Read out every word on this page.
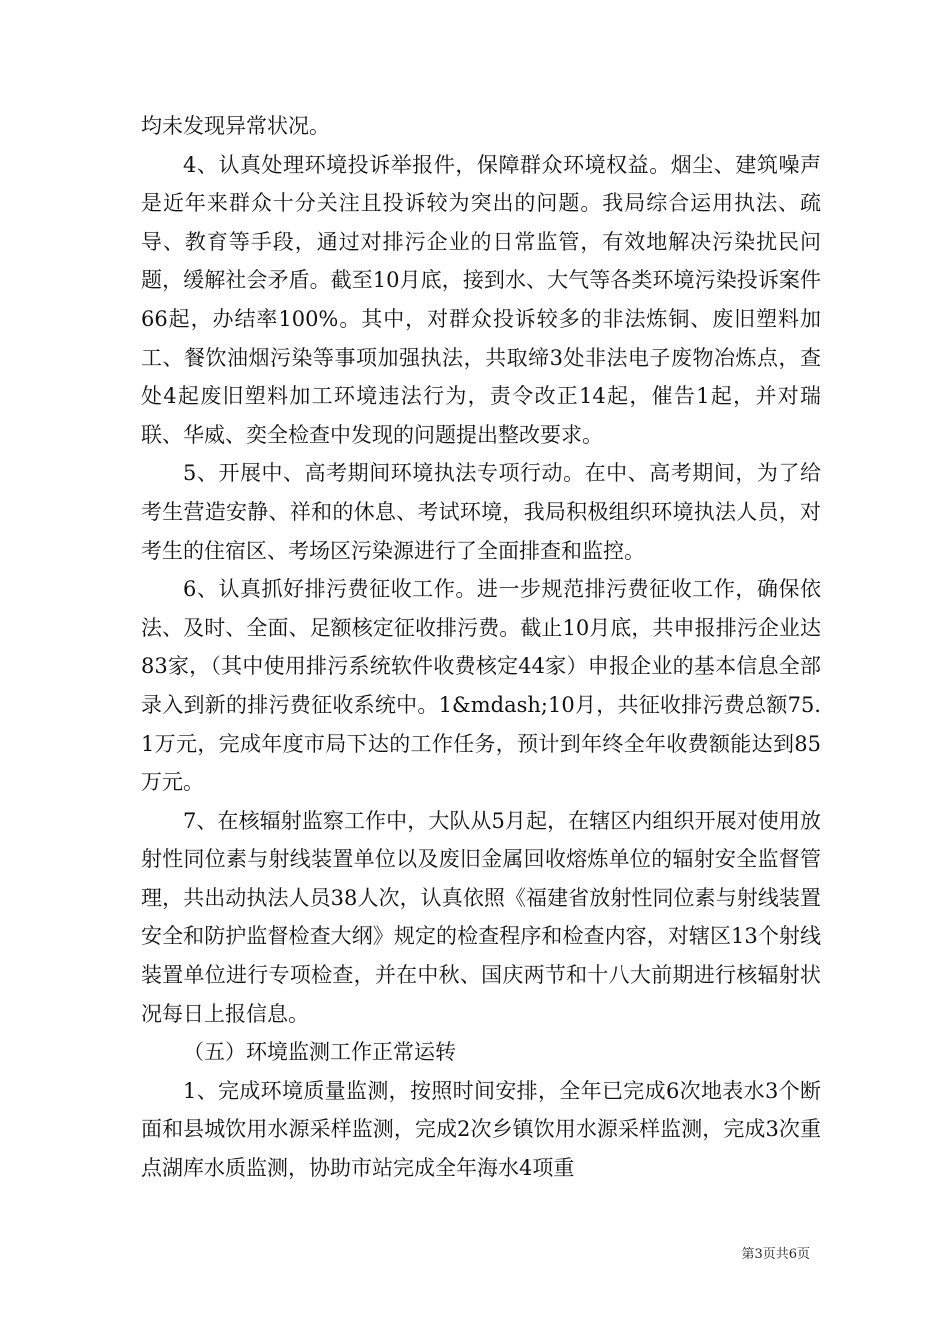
均未发现异常状况。

4、认真处理环境投诉举报件，保障群众环境权益。烟尘、建筑噪声是近年来群众十分关注且投诉较为突出的问题。我局综合运用执法、疏导、教育等手段，通过对排污企业的日常监管，有效地解决污染扰民问题，缓解社会矛盾。截至10月底，接到水、大气等各类环境污染投诉案件66起，办结率100%。其中，对群众投诉较多的非法炼铜、废旧塑料加工、餐饮油烟污染等事项加强执法，共取缔3处非法电子废物冶炼点，查处4起废旧塑料加工环境违法行为，责令改正14起，催告1起，并对瑞联、华威、奕全检查中发现的问题提出整改要求。

5、开展中、高考期间环境执法专项行动。在中、高考期间，为了给考生营造安静、祥和的休息、考试环境，我局积极组织环境执法人员，对考生的住宿区、考场区污染源进行了全面排查和监控。

6、认真抓好排污费征收工作。进一步规范排污费征收工作，确保依法、及时、全面、足额核定征收排污费。截止10月底，共申报排污企业达83家，（其中使用排污系统软件收费核定44家）申报企业的基本信息全部录入到新的排污费征收系统中。1&mdash;10月，共征收排污费总额75.1万元，完成年度市局下达的工作任务，预计到年终全年收费额能达到85万元。

7、在核辐射监察工作中，大队从5月起，在辖区内组织开展对使用放射性同位素与射线装置单位以及废旧金属回收熔炼单位的辐射安全监督管理，共出动执法人员38人次，认真依照《福建省放射性同位素与射线装置安全和防护监督检查大纲》规定的检查程序和检查内容，对辖区13个射线装置单位进行专项检查，并在中秋、国庆两节和十八大前期进行核辐射状况每日上报信息。

（五）环境监测工作正常运转

1、完成环境质量监测，按照时间安排，全年已完成6次地表水3个断面和县城饮用水源采样监测，完成2次乡镇饮用水源采样监测，完成3次重点湖库水质监测，协助市站完成全年海水4项重

第3页共6页
